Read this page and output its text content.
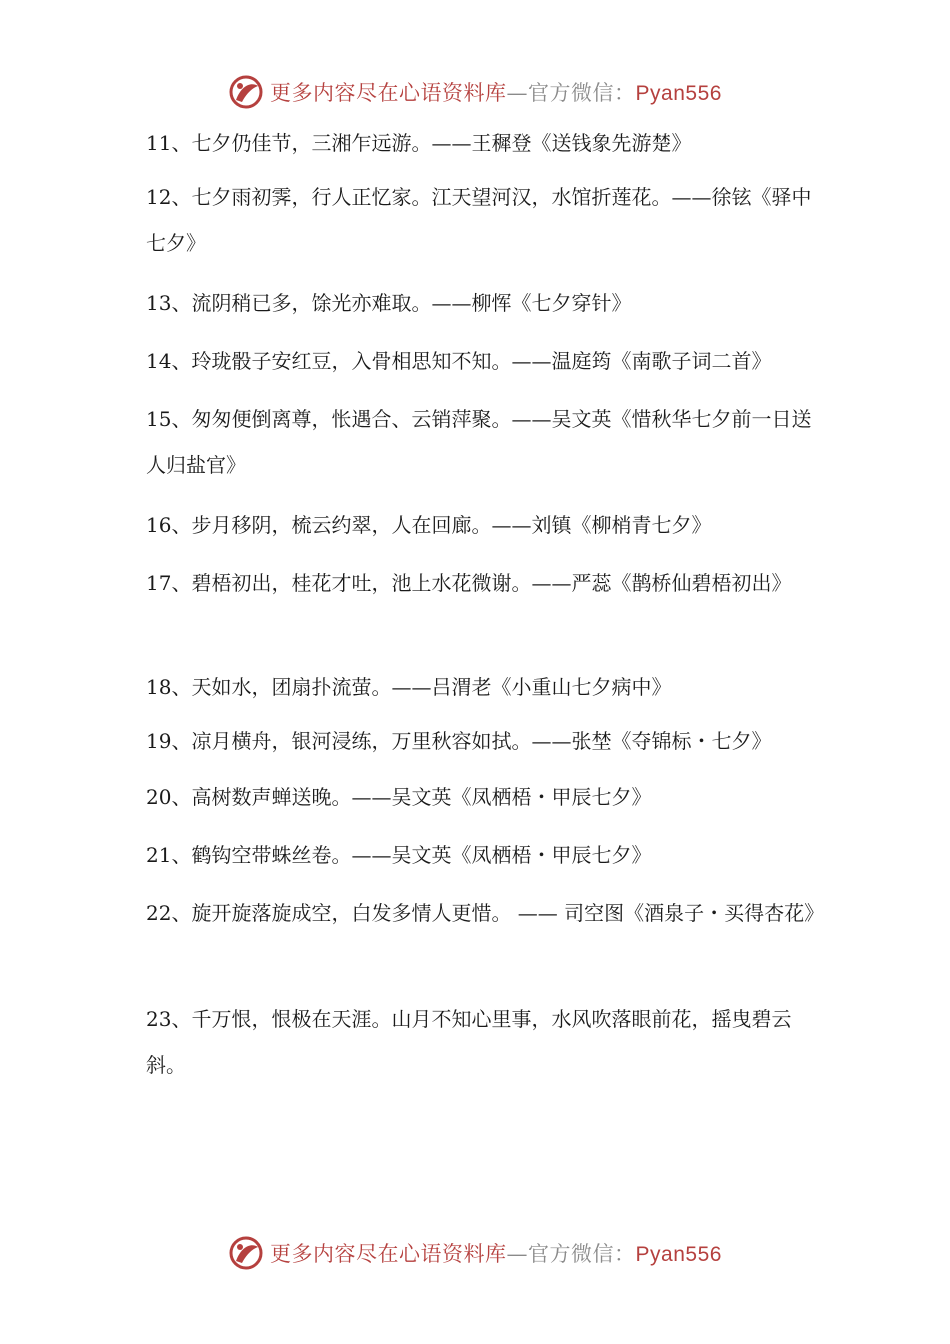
更多内容尽在心语资料库—官方微信：Pyan556
11、七夕仍佳节，三湘乍远游。——王穉登《送钱象先游楚》
12、七夕雨初霁，行人正忆家。江天望河汉，水馆折莲花。——徐铉《驿中七夕》
13、流阴稍已多，馀光亦难取。——柳恽《七夕穿针》
14、玲珑骰子安红豆，入骨相思知不知。——温庭筠《南歌子词二首》
15、匆匆便倒离尊，怅遇合、云销萍聚。——吴文英《惜秋华七夕前一日送人归盐官》
16、步月移阴，梳云约翠，人在回廊。——刘镇《柳梢青七夕》
17、碧梧初出，桂花才吐，池上水花微谢。——严蕊《鹊桥仙碧梧初出》
18、天如水，团扇扑流萤。——吕渭老《小重山七夕病中》
19、凉月横舟，银河浸练，万里秋容如拭。——张埜《夺锦标・七夕》
20、高树数声蝉送晚。——吴文英《凤栖梧・甲辰七夕》
21、鹤钩空带蛛丝卷。——吴文英《凤栖梧・甲辰七夕》
22、旋开旋落旋成空，白发多情人更惜。 —— 司空图《酒泉子・买得杏花》
23、千万恨，恨极在天涯。山月不知心里事，水风吹落眼前花，摇曳碧云斜。
更多内容尽在心语资料库—官方微信：Pyan556
